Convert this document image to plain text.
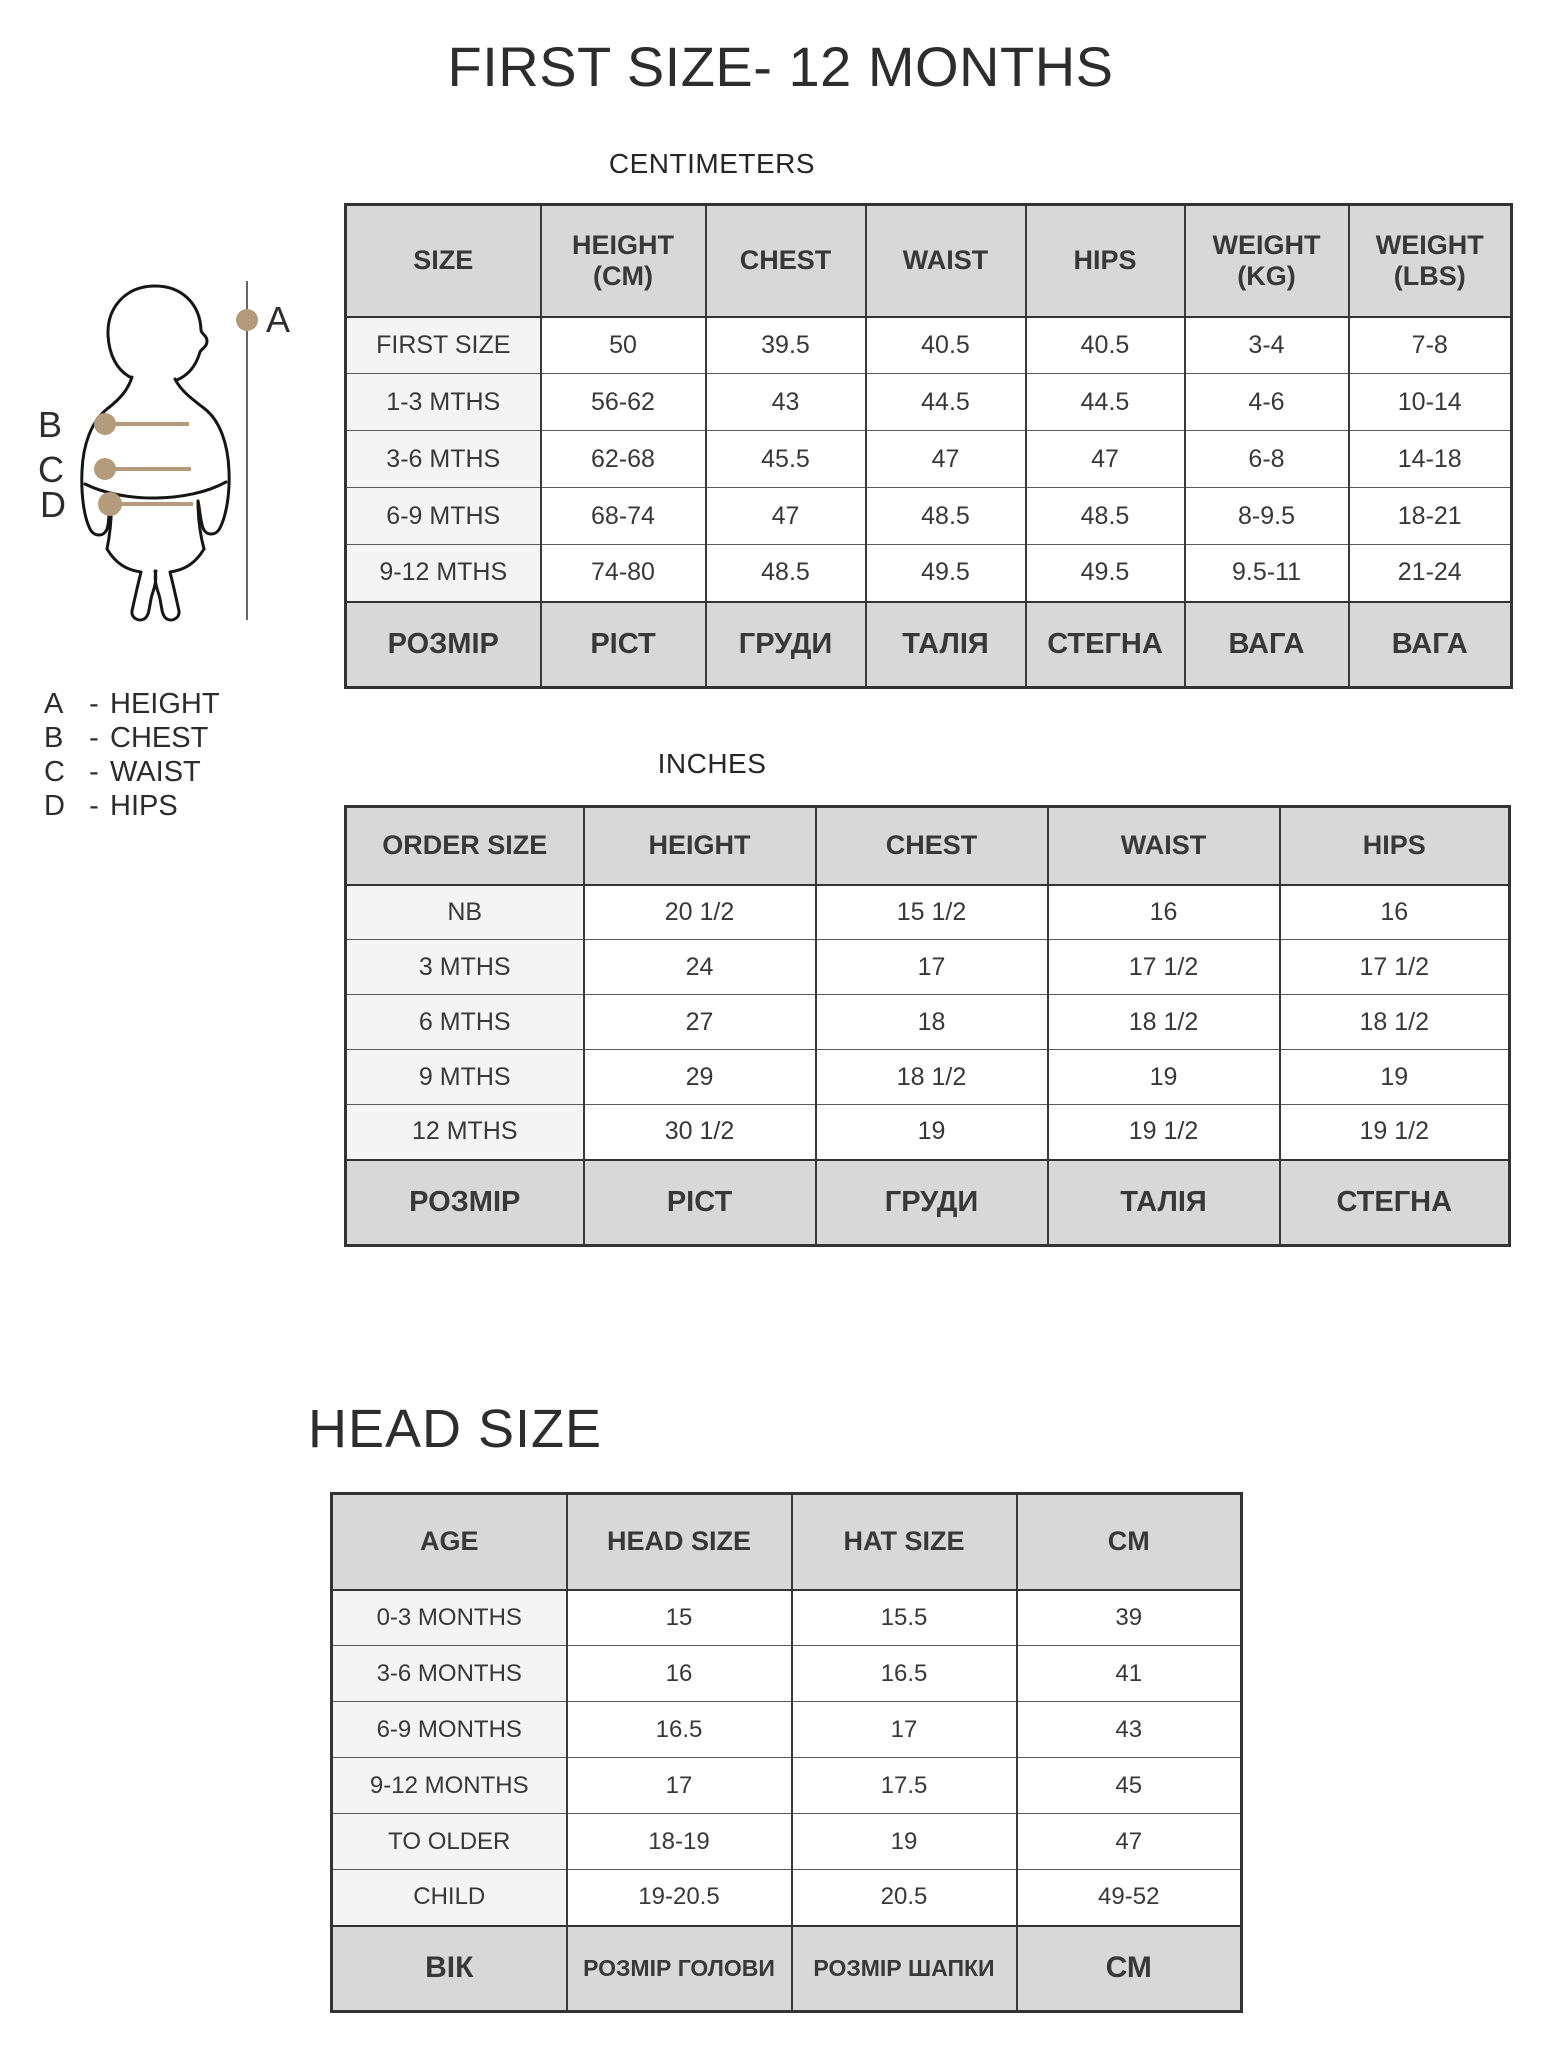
FIRST SIZE- 12 MONTHS
A
B
C
D
A - HEIGHT
B - CHEST
C - WAIST
D - HIPS
CENTIMETERS
INCHES
SIZE	HEIGHT (CM)	CHEST	WAIST	HIPS	WEIGHT (KG)	WEIGHT (LBS)
FIRST SIZE	50	39.5	40.5	40.5	3-4	7-8
1-3 MTHS	56-62	43	44.5	44.5	4-6	10-14
3-6 MTHS	62-68	45.5	47	47	6-8	14-18
6-9 MTHS	68-74	47	48.5	48.5	8-9.5	18-21
9-12 MTHS	74-80	48.5	49.5	49.5	9.5-11	21-24
РОЗМІР	РІСТ	ГРУДИ	ТАЛІЯ	СТЕГНА	ВАГА	ВАГА
ORDER SIZE	HEIGHT	CHEST	WAIST	HIPS
NB	20 1/2	15 1/2	16	16
3 MTHS	24	17	17 1/2	17 1/2
6 MTHS	27	18	18 1/2	18 1/2
9 MTHS	29	18 1/2	19	19
12 MTHS	30 1/2	19	19 1/2	19 1/2
РОЗМІР	РІСТ	ГРУДИ	ТАЛІЯ	СТЕГНА
HEAD SIZE
AGE	HEAD SIZE	HAT SIZE	CM
0-3 MONTHS	15	15.5	39
3-6 MONTHS	16	16.5	41
6-9 MONTHS	16.5	17	43
9-12 MONTHS	17	17.5	45
TO OLDER	18-19	19	47
CHILD	19-20.5	20.5	49-52
ВІК	РОЗМІР ГОЛОВИ	РОЗМІР ШАПКИ	СМ
